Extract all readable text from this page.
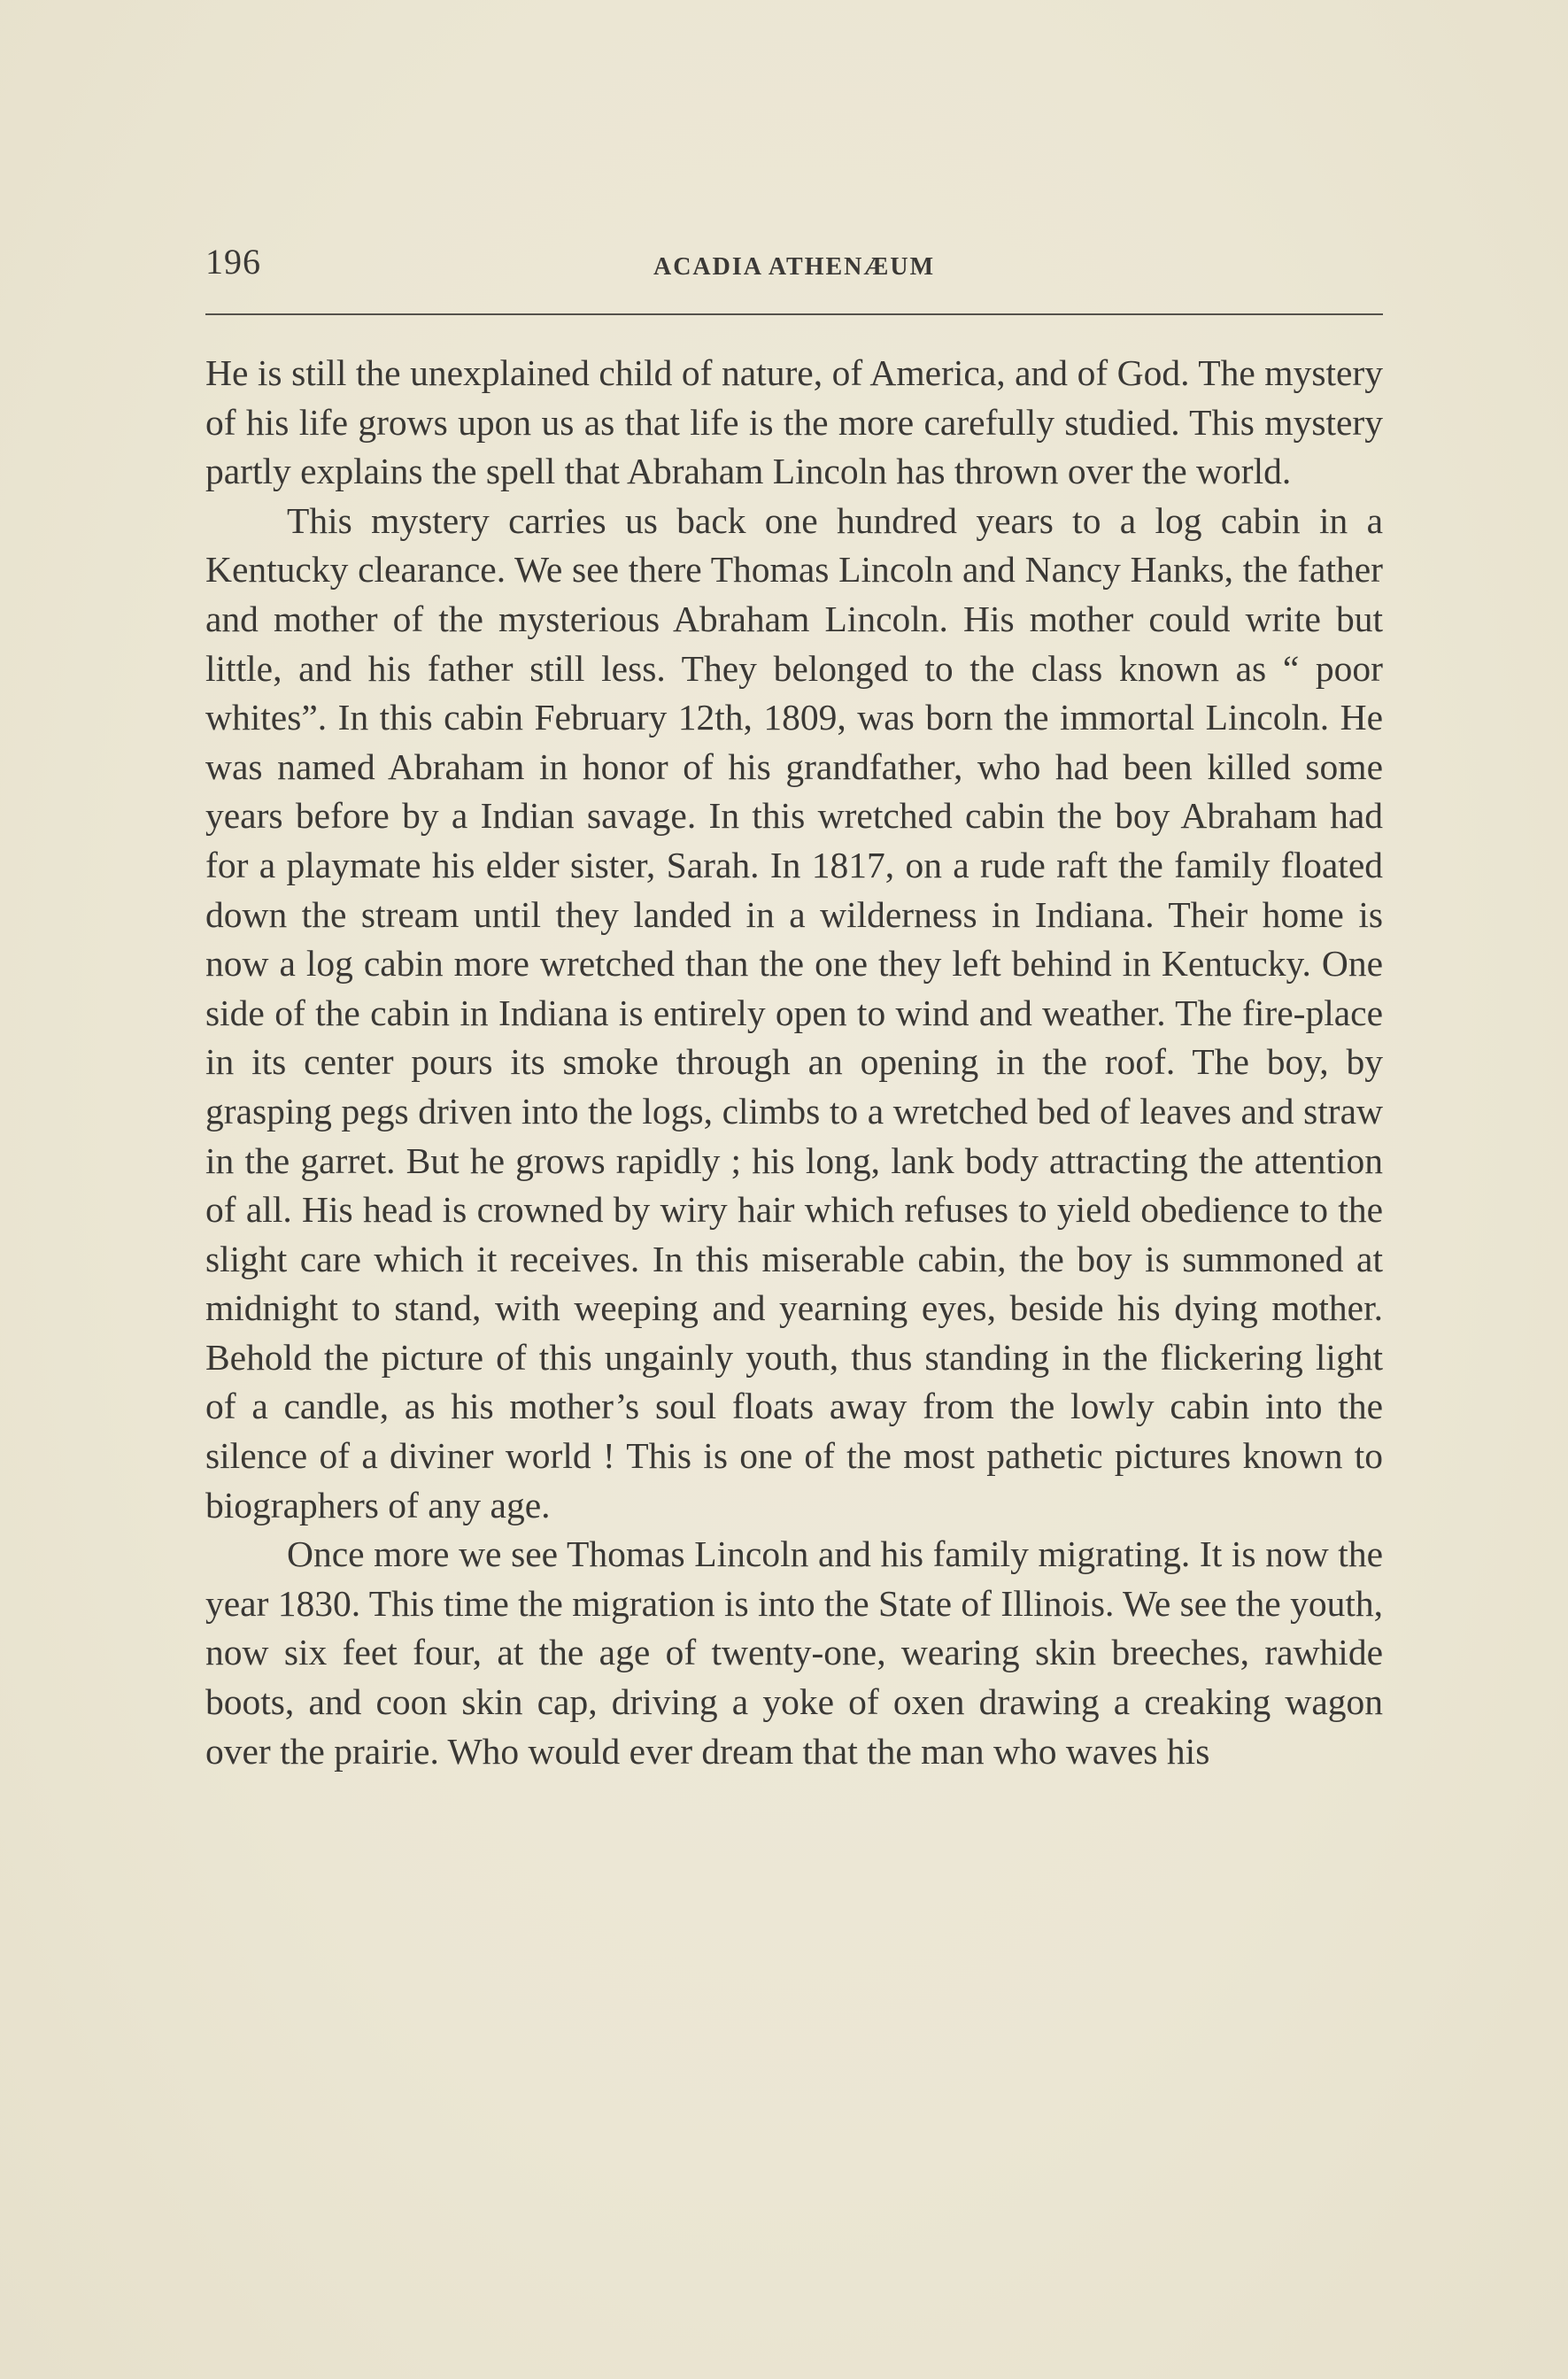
196	ACADIA ATHENÆUM

He is still the unexplained child of nature, of America, and of God. The mystery of his life grows upon us as that life is the more carefully studied. This mystery partly explains the spell that Abraham Lincoln has thrown over the world.

This mystery carries us back one hundred years to a log cabin in a Kentucky clearance. We see there Thomas Lincoln and Nancy Hanks, the father and mother of the mysterious Abraham Lincoln. His mother could write but little, and his father still less. They belonged to the class known as “ poor whites”. In this cabin February 12th, 1809, was born the immortal Lincoln. He was named Abraham in honor of his grandfather, who had been killed some years before by a Indian savage. In this wretched cabin the boy Abraham had for a playmate his elder sister, Sarah. In 1817, on a rude raft the family floated down the stream until they landed in a wilderness in Indiana. Their home is now a log cabin more wretched than the one they left behind in Kentucky. One side of the cabin in Indiana is entirely open to wind and weather. The fire-place in its center pours its smoke through an opening in the roof. The boy, by grasping pegs driven into the logs, climbs to a wretched bed of leaves and straw in the garret. But he grows rapidly ; his long, lank body attracting the attention of all. His head is crowned by wiry hair which refuses to yield obedience to the slight care which it receives. In this miserable cabin, the boy is summoned at midnight to stand, with weeping and yearning eyes, beside his dying mother. Behold the picture of this ungainly youth, thus standing in the flickering light of a candle, as his mother’s soul floats away from the lowly cabin into the silence of a diviner world ! This is one of the most pathetic pictures known to biographers of any age.

Once more we see Thomas Lincoln and his family migrating. It is now the year 1830. This time the migration is into the State of Illinois. We see the youth, now six feet four, at the age of twenty-one, wearing skin breeches, rawhide boots, and coon skin cap, driving a yoke of oxen drawing a creaking wagon over the prairie. Who would ever dream that the man who waves his
